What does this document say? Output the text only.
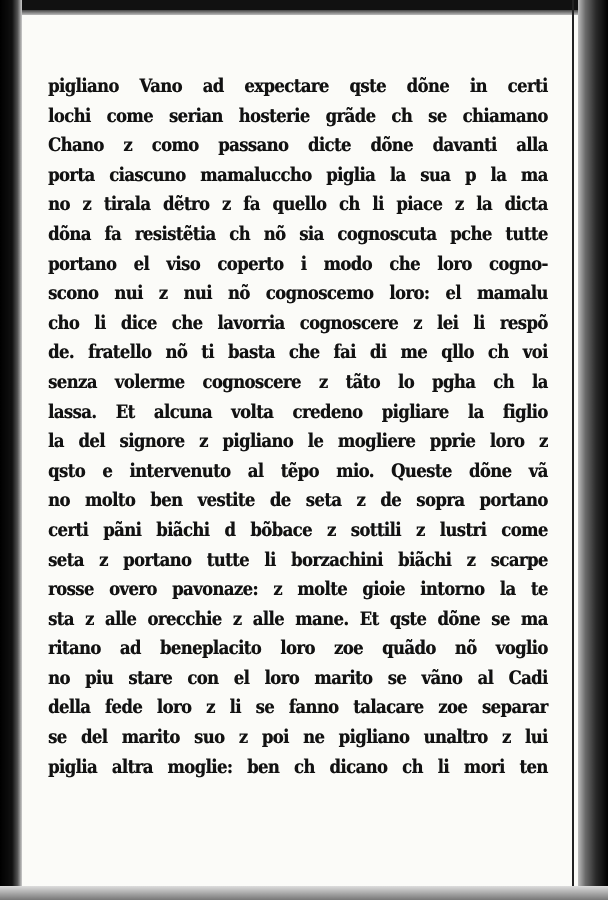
pigliano Vano ad expectare qste dõne in certi
lochi come serian hosterie grãde ch se chiamano
Chano z como passano dicte dõne davanti alla
porta ciascuno mamaluccho piglia la sua p la ma
no z tirala dẽtro z fa quello ch li piace z la dicta
dõna fa resistẽtia ch nõ sia cognoscuta pche tutte
portano el viso coperto i modo che loro cogno-
scono nui z nui nõ cognoscemo loro: el mamalu
cho li dice che lavorria cognoscere z lei li respõ
de. fratello nõ ti basta che fai di me qllo ch voi
senza volerme cognoscere z tãto lo pgha ch la
lassa. Et alcuna volta credeno pigliare la figlio
la del signore z pigliano le mogliere pprie loro z
qsto e intervenuto al tẽpo mio. Queste dõne vã
no molto ben vestite de seta z de sopra portano
certi pãni biãchi d bõbace z sottili z lustri come
seta z portano tutte li borzachini biãchi z scarpe
rosse overo pavonaze: z molte gioie intorno la te
sta z alle orecchie z alle mane. Et qste dõne se ma
ritano ad beneplacito loro zoe quãdo nõ voglio
no piu stare con el loro marito se vãno al Cadi
della fede loro z li se fanno talacare zoe separar
se del marito suo z poi ne pigliano unaltro z lui
piglia altra moglie: ben ch dicano ch li mori ten
